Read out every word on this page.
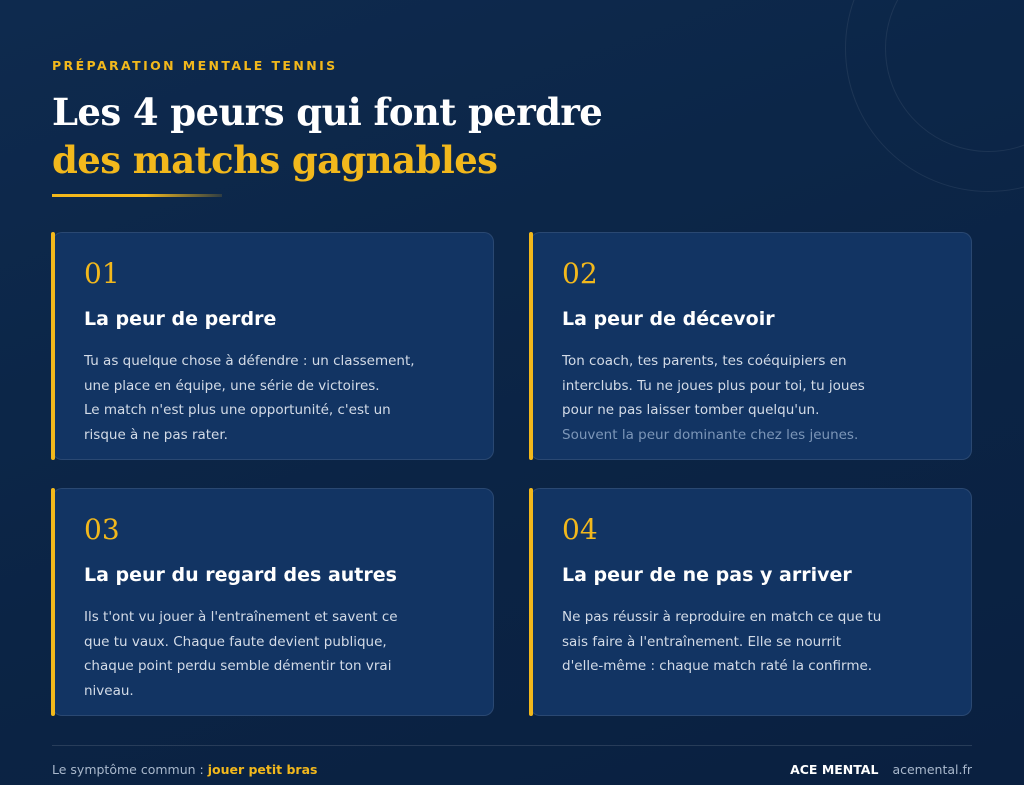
PRÉPARATION MENTALE TENNIS
Les 4 peurs qui font perdre
des matchs gagnables
01
La peur de perdre
Tu as quelque chose à défendre : un classement,
une place en équipe, une série de victoires.
Le match n'est plus une opportunité, c'est un
risque à ne pas rater.
02
La peur de décevoir
Ton coach, tes parents, tes coéquipiers en
interclubs. Tu ne joues plus pour toi, tu joues
pour ne pas laisser tomber quelqu'un.
Souvent la peur dominante chez les jeunes.
03
La peur du regard des autres
Ils t'ont vu jouer à l'entraînement et savent ce
que tu vaux. Chaque faute devient publique,
chaque point perdu semble démentir ton vrai
niveau.
04
La peur de ne pas y arriver
Ne pas réussir à reproduire en match ce que tu
sais faire à l'entraînement. Elle se nourrit
d'elle-même : chaque match raté la confirme.
Le symptôme commun : jouer petit bras	ACE MENTAL acemental.fr
